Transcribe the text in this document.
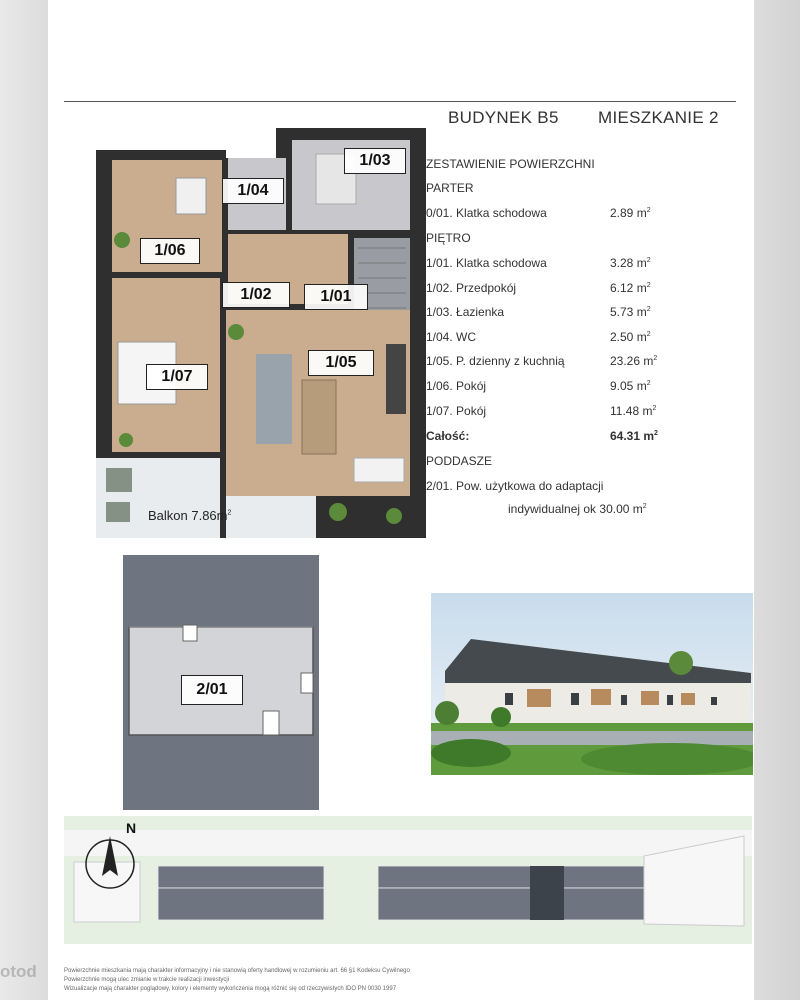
BUDYNEK B5 MIESZKANIE 2
ZESTAWIENIE POWIERZCHNI
PARTER
0/01. Klatka schodowa	2.89 $m^2$
PIĘTRO
1/01. Klatka schodowa	3.28 $m^2$
1/02. Przedpokój	6.12 $m^2$
1/03. Łazienka	5.73 $m^2$
1/04. WC	2.50 $m^2$
1/05. P. dzienny z kuchnią	23.26 $m^2$
1/06. Pokój	9.05 $m^2$
1/07. Pokój	11.48 $m^2$
Całość:	64.31 $m^2$
PODDASZE
2/01. Pow. użytkowa do adaptacji
indywidualnej ok 30.00 $m^2$
1/03
1/04
1/06
1/02	1/01
1/07
1/05
Balkon $7.86m^2$
2/01
N
Powierzchnie mieszkania mają charakter informacyjny i nie stanowią oferty handlowej w rozumieniu art. 66 §1 Kodeksu Cywilnego
Powierzchnie mogą ulec zmianie w trakcie realizacji inwestycji
Wizualizacje mają charakter poglądowy, kolory i elementy wykończenia mogą różnić się od rzeczywistych IDO PN 0030 1997
otod
